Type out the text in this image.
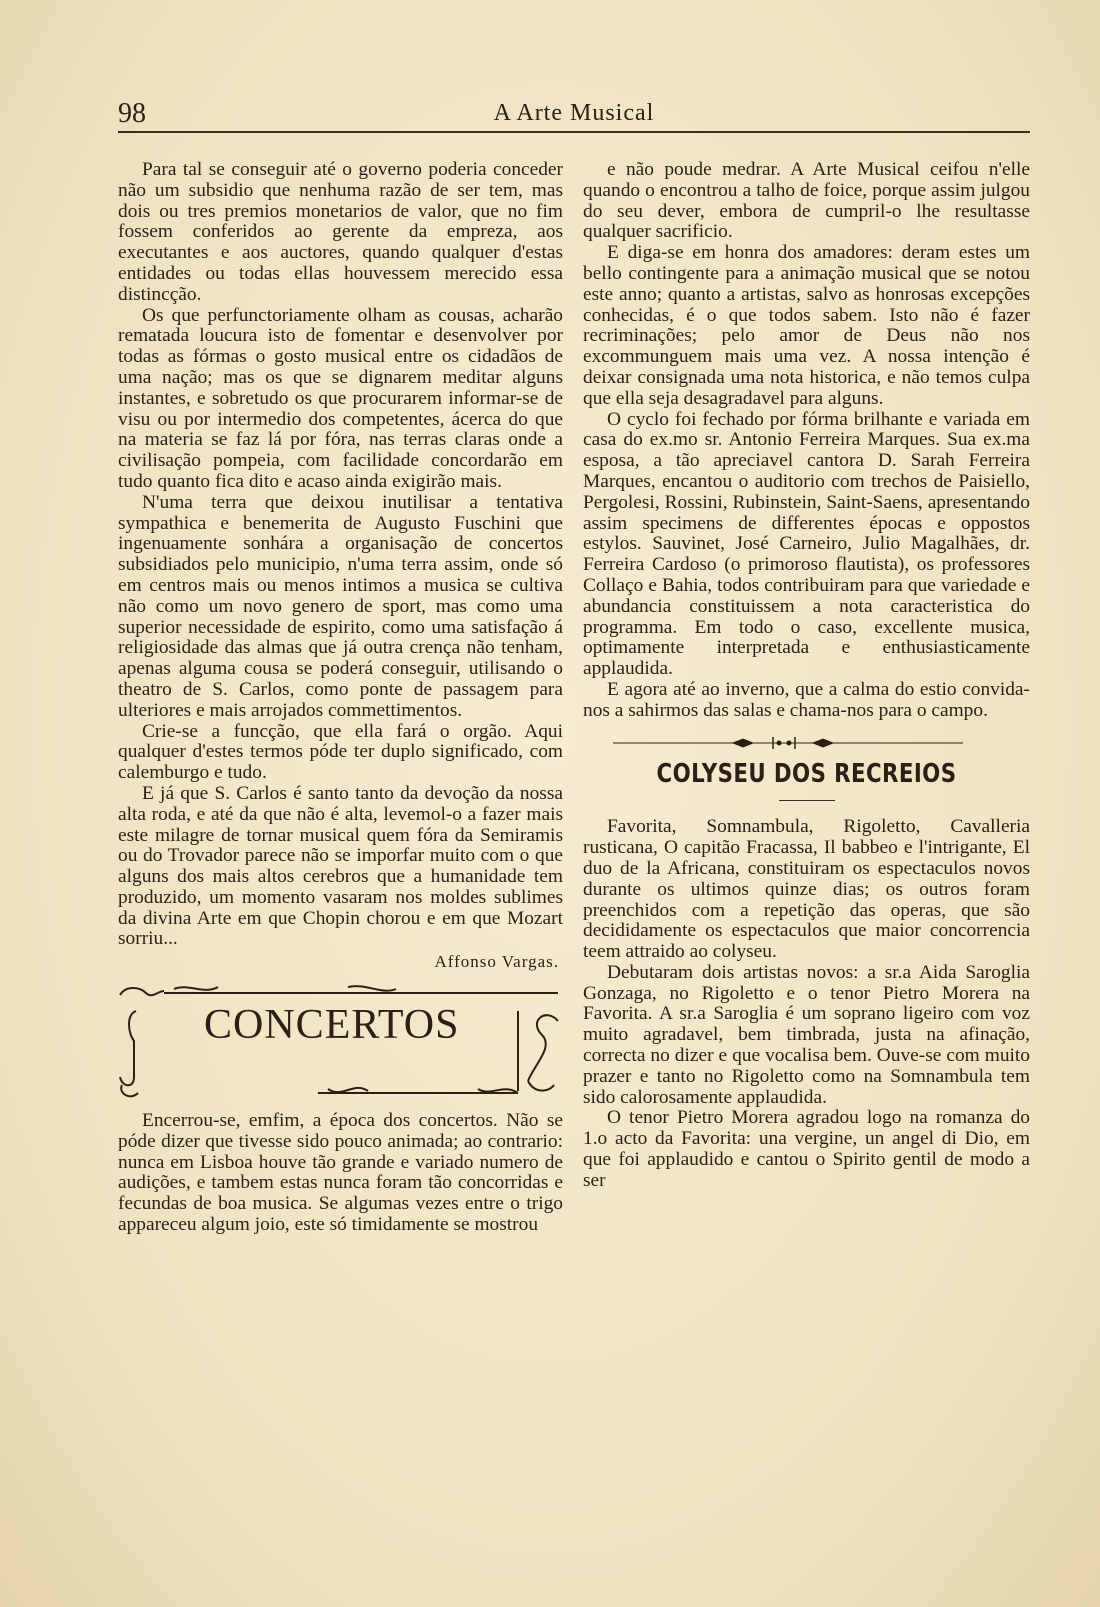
98	A Arte Musical

Para tal se conseguir até o governo poderia conceder não um subsidio que nenhuma razão de ser tem, mas dois ou tres premios monetarios de valor, que no fim fossem conferidos ao gerente da empreza, aos executantes e aos auctores, quando qualquer d'estas entidades ou todas ellas houvessem merecido essa distincção.

Os que perfunctoriamente olham as cousas, acharão rematada loucura isto de fomentar e desenvolver por todas as fórmas o gosto musical entre os cidadãos de uma nação; mas os que se dignarem meditar alguns instantes, e sobretudo os que procurarem informar-se de visu ou por intermedio dos competentes, ácerca do que na materia se faz lá por fóra, nas terras claras onde a civilisação pompeia, com facilidade concordarão em tudo quanto fica dito e acaso ainda exigirão mais.

N'uma terra que deixou inutilisar a tentativa sympathica e benemerita de Augusto Fuschini que ingenuamente sonhára a organisação de concertos subsidiados pelo municipio, n'uma terra assim, onde só em centros mais ou menos intimos a musica se cultiva não como um novo genero de sport, mas como uma superior necessidade de espirito, como uma satisfação á religiosidade das almas que já outra crença não tenham, apenas alguma cousa se poderá conseguir, utilisando o theatro de S. Carlos, como ponte de passagem para ulteriores e mais arrojados commettimentos.

Crie-se a funcção, que ella fará o orgão. Aqui qualquer d'estes termos póde ter duplo significado, com calemburgo e tudo.

E já que S. Carlos é santo tanto da devoção da nossa alta roda, e até da que não é alta, levemol-o a fazer mais este milagre de tornar musical quem fóra da Semiramis ou do Trovador parece não se imporfar muito com o que alguns dos mais altos cerebros que a humanidade tem produzido, um momento vasaram nos moldes sublimes da divina Arte em que Chopin chorou e em que Mozart sorriu...

Affonso Vargas.
CONCERTOS

Encerrou-se, emfim, a época dos concertos. Não se póde dizer que tivesse sido pouco animada; ao contrario: nunca em Lisboa houve tão grande e variado numero de audições, e tambem estas nunca foram tão concorridas e fecundas de boa musica. Se algumas vezes entre o trigo appareceu algum joio, este só timidamente se mostrou

e não poude medrar. A Arte Musical ceifou n'elle quando o encontrou a talho de foice, porque assim julgou do seu dever, embora de cumpril-o lhe resultasse qualquer sacrificio.

E diga-se em honra dos amadores: deram estes um bello contingente para a animação musical que se notou este anno; quanto a artistas, salvo as honrosas excepções conhecidas, é o que todos sabem. Isto não é fazer recriminações; pelo amor de Deus não nos excommunguem mais uma vez. A nossa intenção é deixar consignada uma nota historica, e não temos culpa que ella seja desagradavel para alguns.

O cyclo foi fechado por fórma brilhante e variada em casa do ex.mo sr. Antonio Ferreira Marques. Sua ex.ma esposa, a tão apreciavel cantora D. Sarah Ferreira Marques, encantou o auditorio com trechos de Paisiello, Pergolesi, Rossini, Rubinstein, Saint-Saens, apresentando assim specimens de differentes épocas e oppostos estylos. Sauvinet, José Carneiro, Julio Magalhães, dr. Ferreira Cardoso (o primoroso flautista), os professores Collaço e Bahia, todos contribuiram para que variedade e abundancia constituissem a nota caracteristica do programma. Em todo o caso, excellente musica, optimamente interpretada e enthusiasticamente applaudida.

E agora até ao inverno, que a calma do estio convida-nos a sahirmos das salas e chama-nos para o campo.

COLYSEU DOS RECREIOS

Favorita, Somnambula, Rigoletto, Cavalleria rusticana, O capitão Fracassa, Il babbeo e l'intrigante, El duo de la Africana, constituiram os espectaculos novos durante os ultimos quinze dias; os outros foram preenchidos com a repetição das operas, que são decididamente os espectaculos que maior concorrencia teem attraido ao colyseu.

Debutaram dois artistas novos: a sr.a Aida Saroglia Gonzaga, no Rigoletto e o tenor Pietro Morera na Favorita. A sr.a Saroglia é um soprano ligeiro com voz muito agradavel, bem timbrada, justa na afinação, correcta no dizer e que vocalisa bem. Ouve-se com muito prazer e tanto no Rigoletto como na Somnambula tem sido calorosamente applaudida.

O tenor Pietro Morera agradou logo na romanza do 1.o acto da Favorita: una vergine, un angel di Dio, em que foi applaudido e cantou o Spirito gentil de modo a ser
